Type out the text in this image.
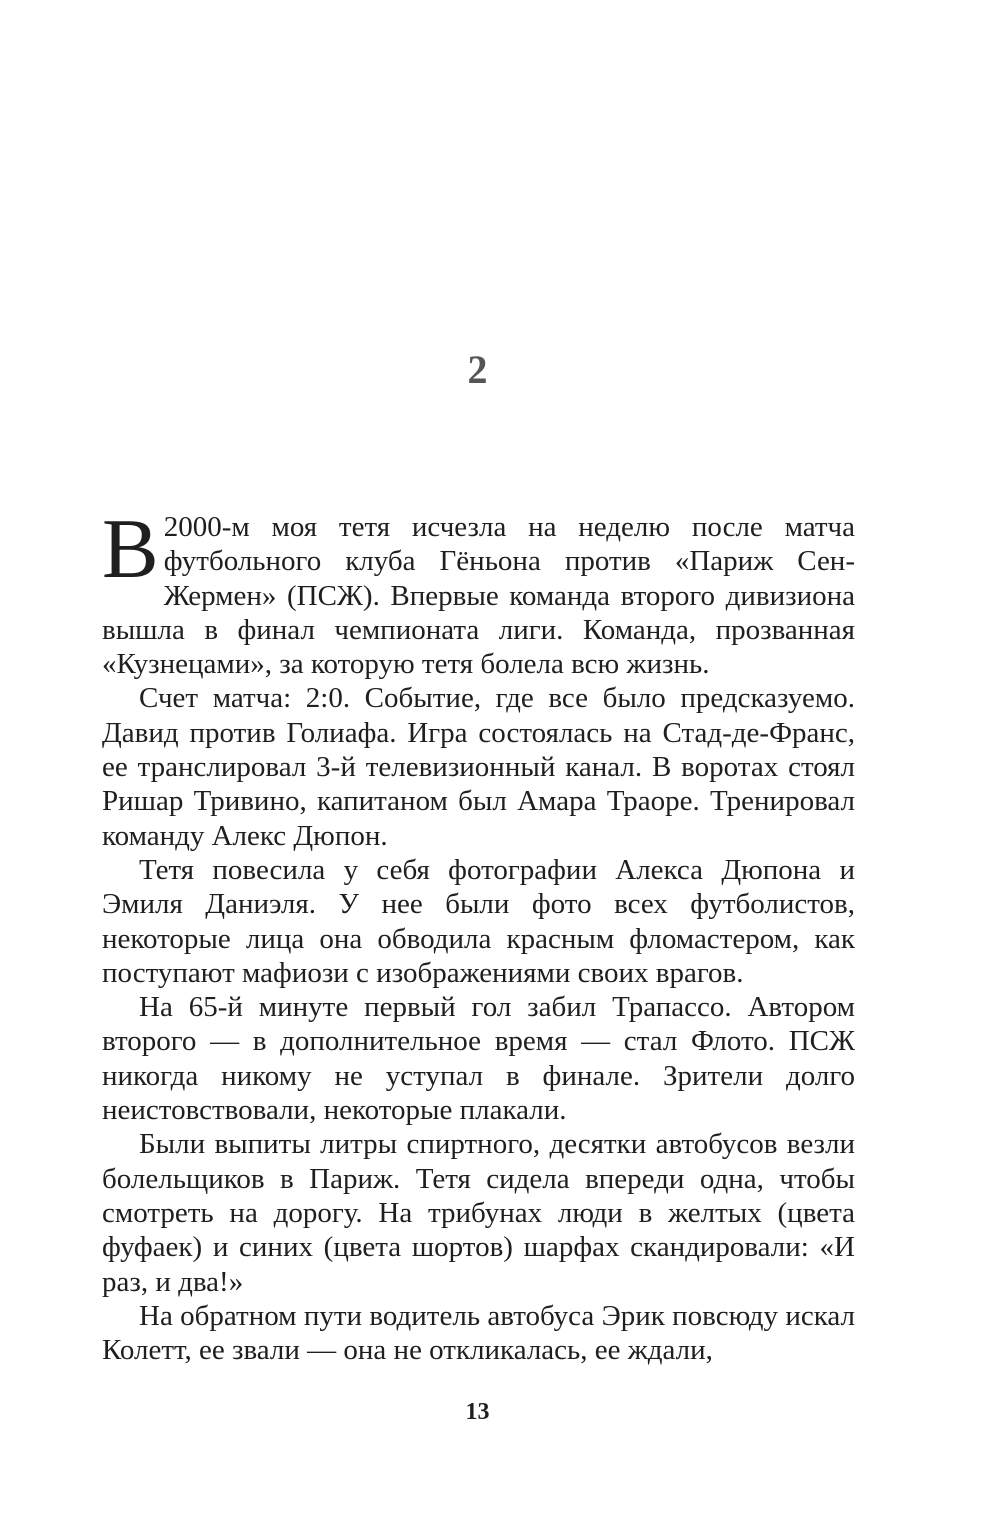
2

В 2000-м моя тетя исчезла на неделю после матча футбольного клуба Гёньона против «Париж Сен-Жермен» (ПСЖ). Впервые команда второго дивизиона вышла в финал чемпионата лиги. Команда, прозванная «Кузнецами», за которую тетя болела всю жизнь.

Счет матча: 2:0. Событие, где все было предсказуемо. Давид против Голиафа. Игра состоялась на Стад-де-Франс, ее транслировал 3-й телевизионный канал. В воротах стоял Ришар Тривино, капитаном был Амара Траоре. Тренировал команду Алекс Дюпон.

Тетя повесила у себя фотографии Алекса Дюпона и Эмиля Даниэля. У нее были фото всех футболистов, некоторые лица она обводила красным фломастером, как поступают мафиози с изображениями своих врагов.

На 65-й минуте первый гол забил Трапассо. Автором второго — в дополнительное время — стал Флото. ПСЖ никогда никому не уступал в финале. Зрители долго неистовствовали, некоторые плакали.

Были выпиты литры спиртного, десятки автобусов везли болельщиков в Париж. Тетя сидела впереди одна, чтобы смотреть на дорогу. На трибунах люди в желтых (цвета фуфаек) и синих (цвета шортов) шарфах скандировали: «И раз, и два!»

На обратном пути водитель автобуса Эрик повсюду искал Колетт, ее звали — она не откликалась, ее ждали,

13
